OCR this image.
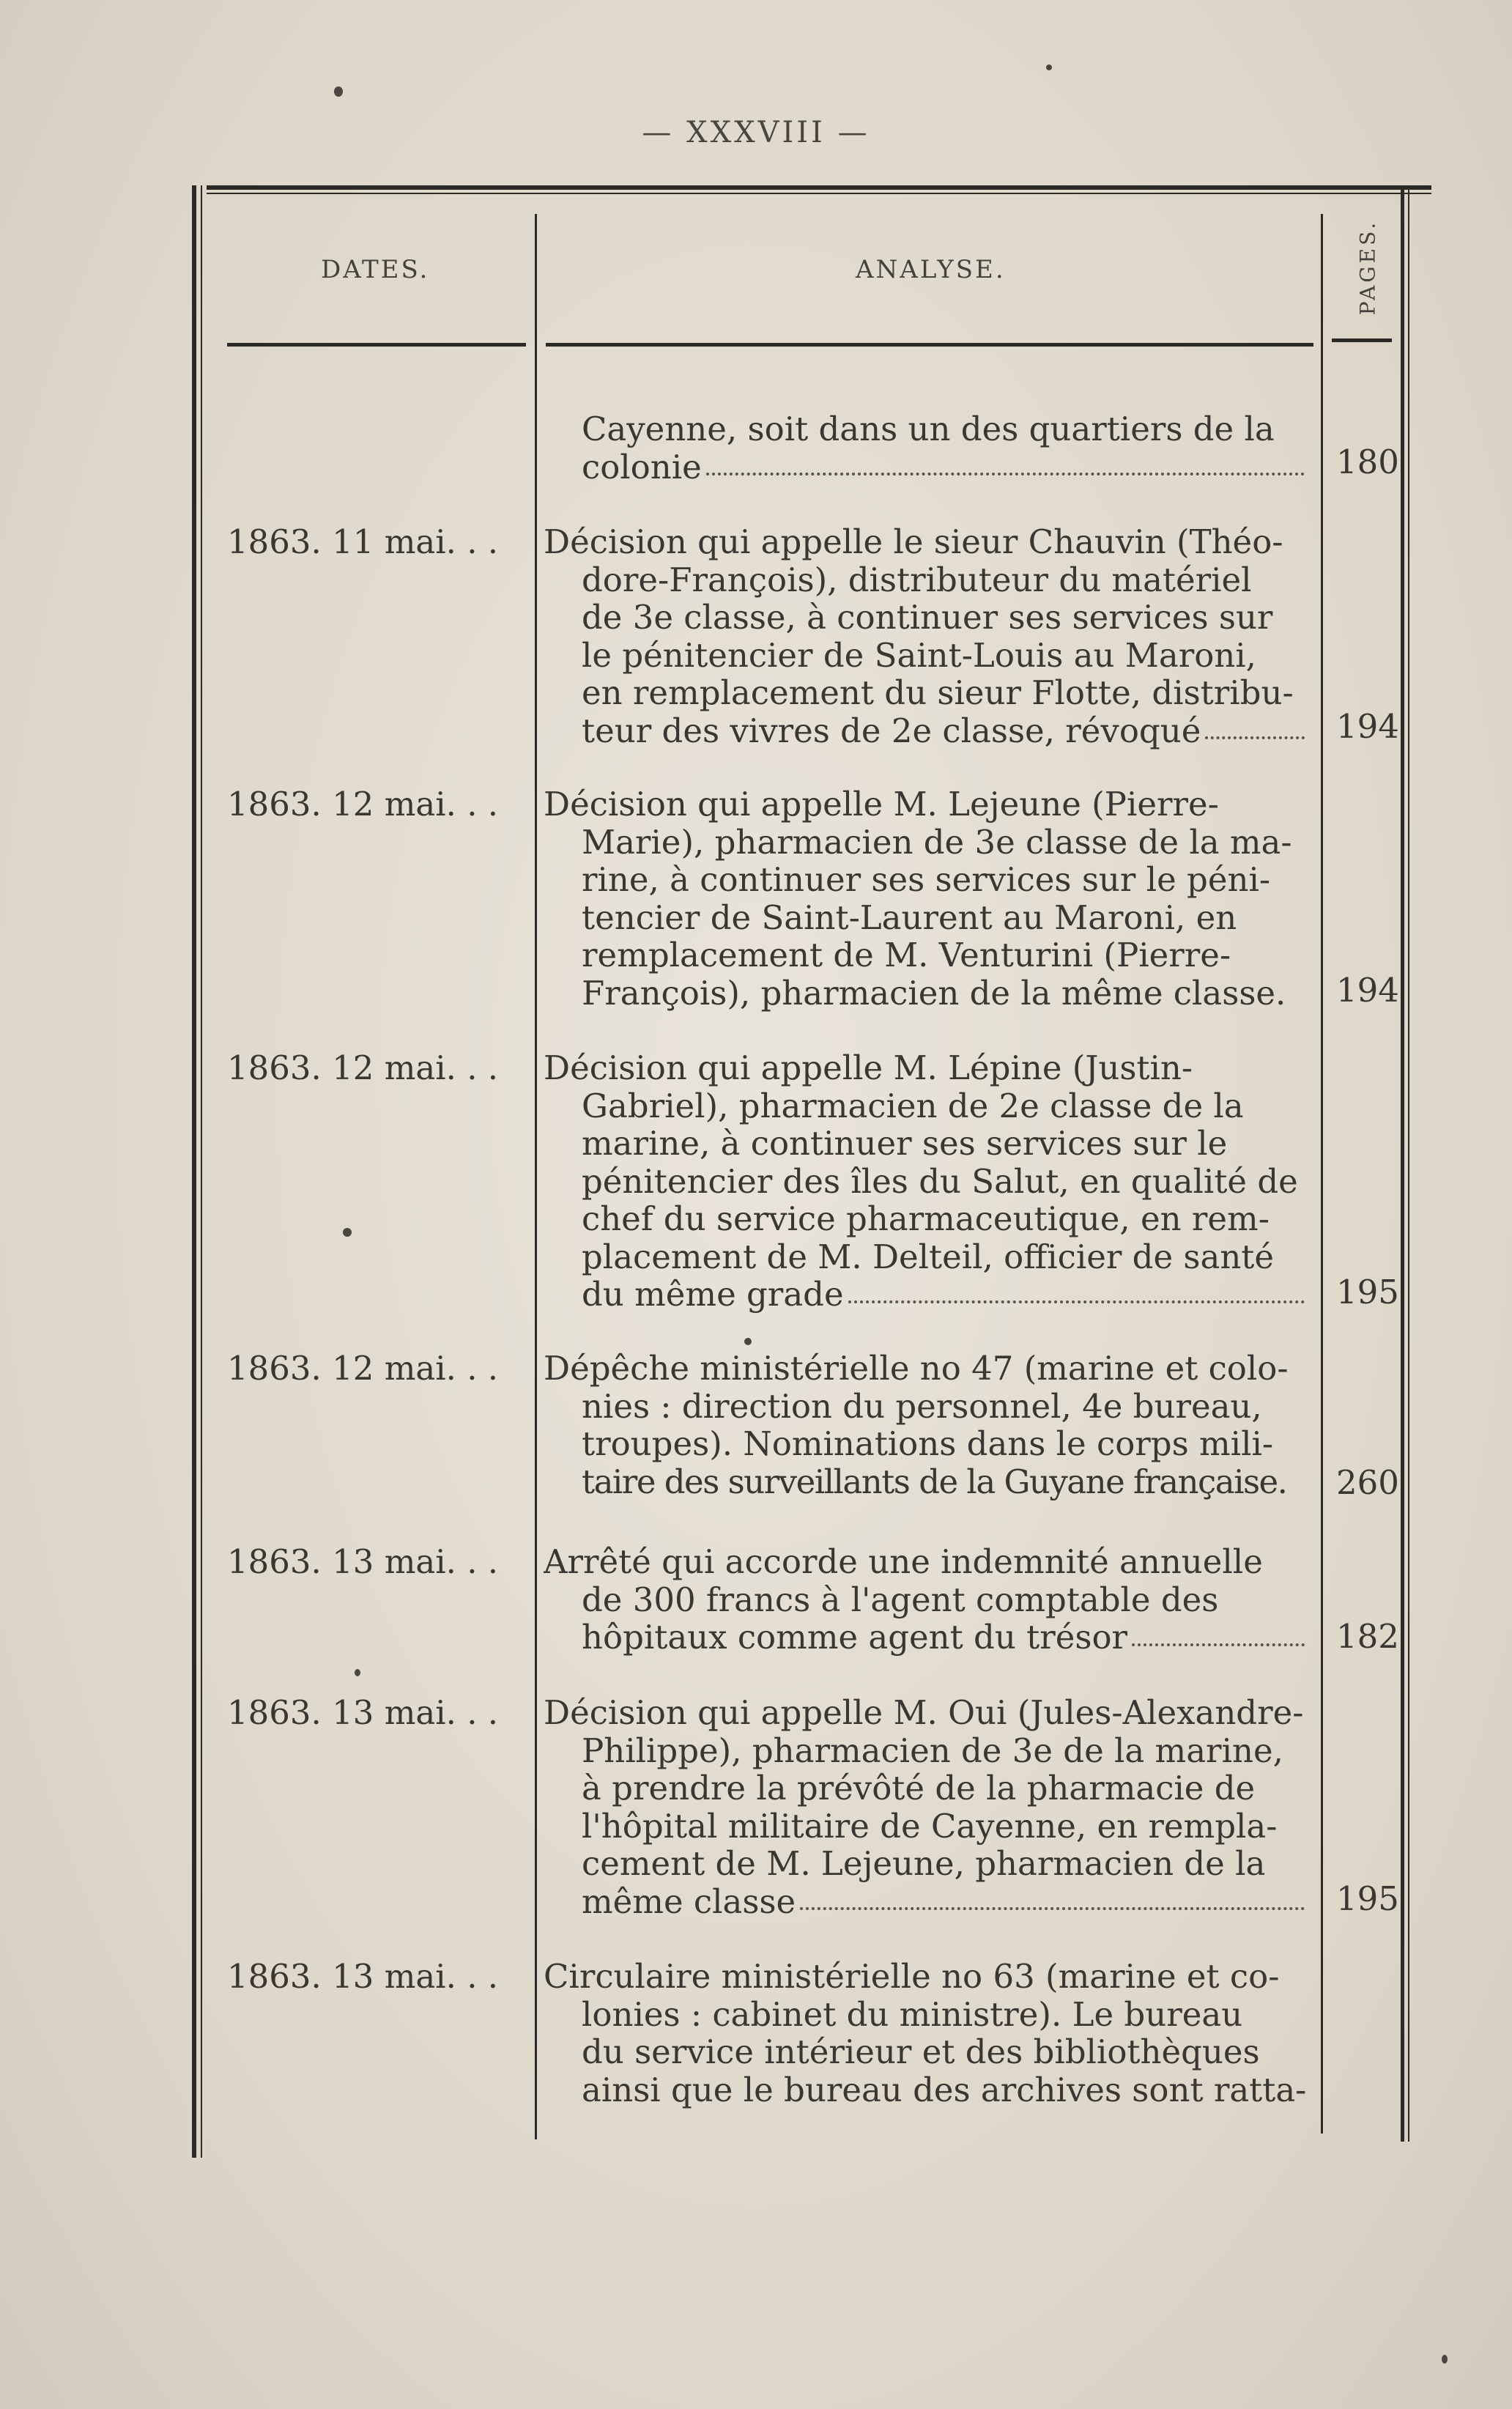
— XXXVIII —
DATES.	ANALYSE.	PAGES.
Cayenne, soit dans un des quartiers de la
colonie	180
1863. 11 mai. . .	Décision qui appelle le sieur Chauvin (Théo-
dore-François), distributeur du matériel
de 3e classe, à continuer ses services sur
le pénitencier de Saint-Louis au Maroni,
en remplacement du sieur Flotte, distribu-
teur des vivres de 2e classe, révoqué	194
1863. 12 mai. . .	Décision qui appelle M. Lejeune (Pierre-
Marie), pharmacien de 3e classe de la ma-
rine, à continuer ses services sur le péni-
tencier de Saint-Laurent au Maroni, en
remplacement de M. Venturini (Pierre-
François), pharmacien de la même classe.	194
1863. 12 mai. . .	Décision qui appelle M. Lépine (Justin-
Gabriel), pharmacien de 2e classe de la
marine, à continuer ses services sur le
pénitencier des îles du Salut, en qualité de
chef du service pharmaceutique, en rem-
placement de M. Delteil, officier de santé
du même grade	195
1863. 12 mai. . .	Dépêche ministérielle no 47 (marine et colo-
nies : direction du personnel, 4e bureau,
troupes). Nominations dans le corps mili-
taire des surveillants de la Guyane française.	260
1863. 13 mai. . .	Arrêté qui accorde une indemnité annuelle
de 300 francs à l'agent comptable des
hôpitaux comme agent du trésor	182
1863. 13 mai. . .	Décision qui appelle M. Oui (Jules-Alexandre-
Philippe), pharmacien de 3e de la marine,
à prendre la prévôté de la pharmacie de
l'hôpital militaire de Cayenne, en rempla-
cement de M. Lejeune, pharmacien de la
même classe	195
1863. 13 mai. . .	Circulaire ministérielle no 63 (marine et co-
lonies : cabinet du ministre). Le bureau
du service intérieur et des bibliothèques
ainsi que le bureau des archives sont ratta-
